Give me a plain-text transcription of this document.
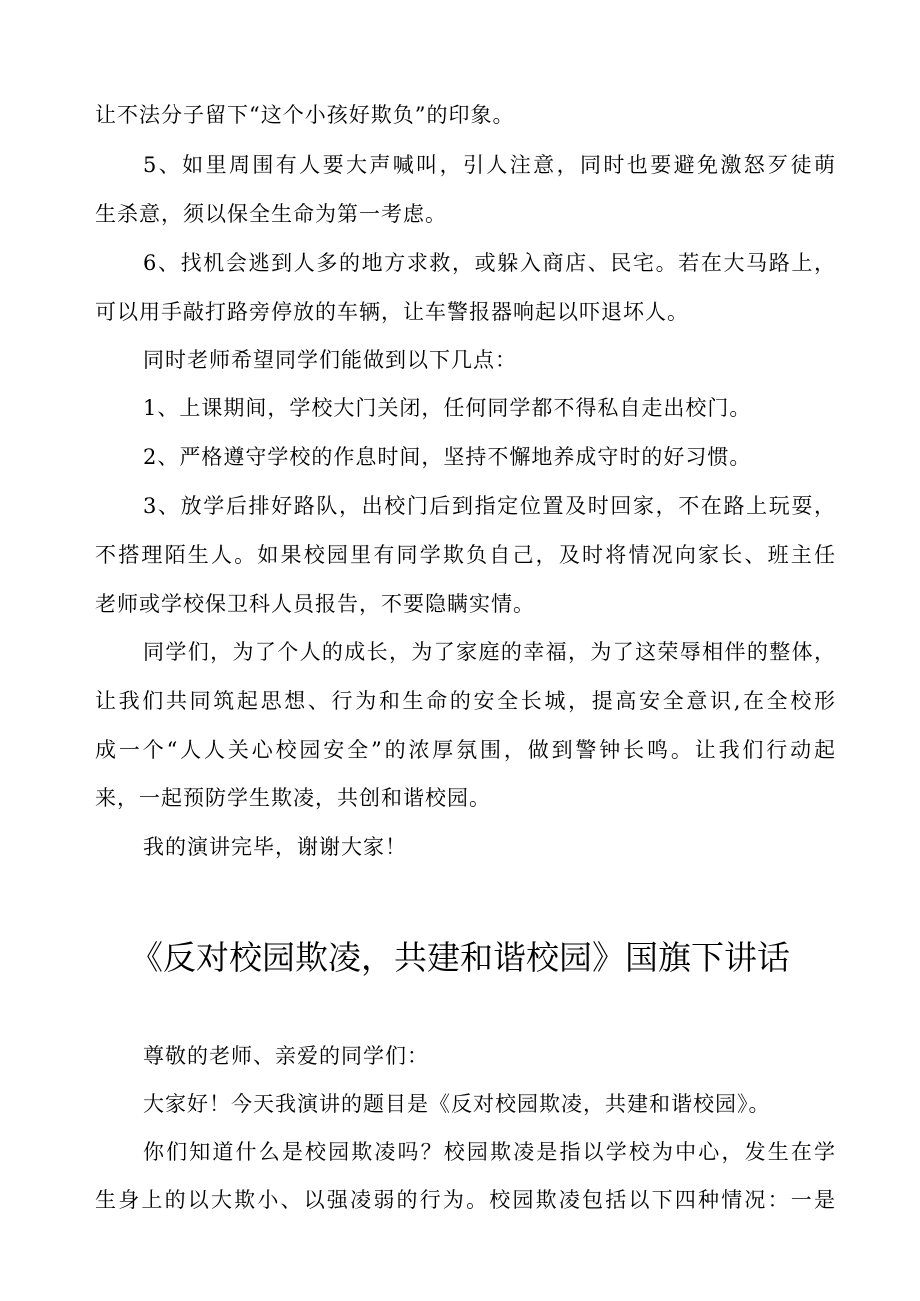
让不法分子留下“这个小孩好欺负”的印象。
5、如里周围有人要大声喊叫，引人注意，同时也要避免激怒歹徒萌
生杀意，须以保全生命为第一考虑。
6、找机会逃到人多的地方求救，或躲入商店、民宅。若在大马路上，
可以用手敲打路旁停放的车辆，让车警报器响起以吓退坏人。
同时老师希望同学们能做到以下几点：
1、上课期间，学校大门关闭，任何同学都不得私自走出校门。
2、严格遵守学校的作息时间，坚持不懈地养成守时的好习惯。
3、放学后排好路队，出校门后到指定位置及时回家，不在路上玩耍，
不搭理陌生人。如果校园里有同学欺负自己，及时将情况向家长、班主任
老师或学校保卫科人员报告，不要隐瞒实情。
同学们，为了个人的成长，为了家庭的幸福，为了这荣辱相伴的整体，
让我们共同筑起思想、行为和生命的安全长城，提高安全意识,在全校形
成一个“人人关心校园安全”的浓厚氛围，做到警钟长鸣。让我们行动起
来，一起预防学生欺凌，共创和谐校园。
我的演讲完毕，谢谢大家！
《反对校园欺凌，共建和谐校园》国旗下讲话
尊敬的老师、亲爱的同学们：
大家好！今天我演讲的题目是《反对校园欺凌，共建和谐校园》。
你们知道什么是校园欺凌吗？校园欺凌是指以学校为中心，发生在学
生身上的以大欺小、以强凌弱的行为。校园欺凌包括以下四种情况：一是
